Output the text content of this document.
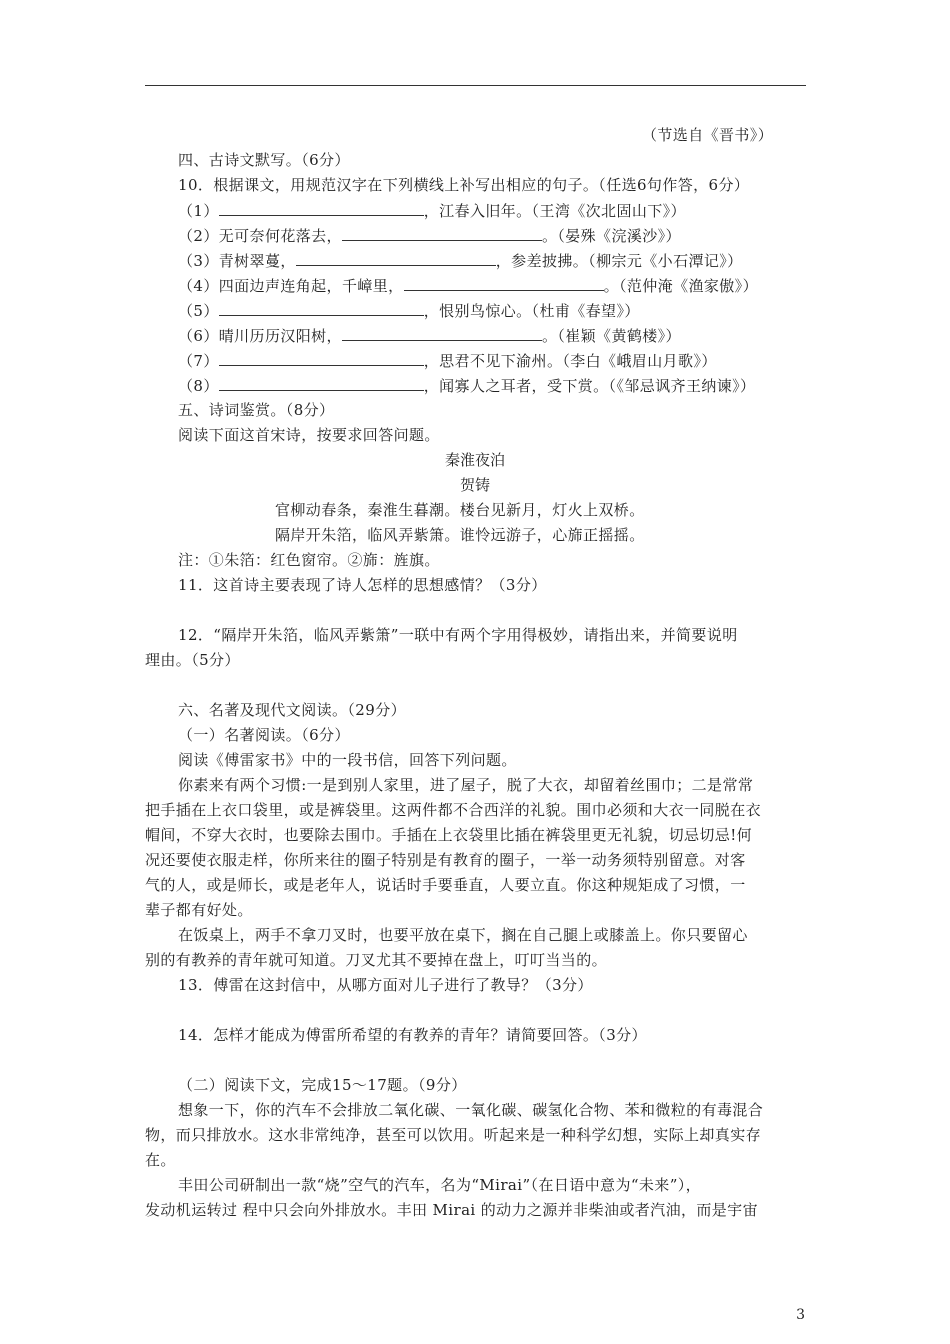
（节选自《晋书》）
四、古诗文默写。（6分）
10．根据课文，用规范汉字在下列横线上补写出相应的句子。（任选6句作答，6分）
（1）	，江春入旧年。（王湾《次北固山下》）
（2）无可奈何花落去，	。（晏殊《浣溪沙》）
（3）青树翠蔓，	，参差披拂。（柳宗元《小石潭记》）
（4）四面边声连角起，千嶂里，	。（范仲淹《渔家傲》）
（5）	，恨别鸟惊心。（杜甫《春望》）
（6）晴川历历汉阳树，	。（崔颖《黄鹤楼》）
（7）	，思君不见下渝州。（李白《峨眉山月歌》）
（8）	，闻寡人之耳者，受下赏。（《邹忌讽齐王纳谏》）
五、诗词鉴赏。（8分）
阅读下面这首宋诗，按要求回答问题。
秦淮夜泊
贺铸
官柳动春条，秦淮生暮潮。楼台见新月，灯火上双桥。
隔岸开朱箔，临风弄紫箫。谁怜远游子，心旆正摇摇。
注：①朱箔：红色窗帘。②旆：旌旗。
11．这首诗主要表现了诗人怎样的思想感情？（3分）
12．“隔岸开朱箔，临风弄紫箫”一联中有两个字用得极妙，请指出来，并简要说明
理由。（5分）
六、名著及现代文阅读。（29分）
（一）名著阅读。（6分）
阅读《傅雷家书》中的一段书信，回答下列问题。
你素来有两个习惯:一是到别人家里，进了屋子，脱了大衣，却留着丝围巾；二是常常
把手插在上衣口袋里，或是裤袋里。这两件都不合西洋的礼貌。围巾必须和大衣一同脱在衣
帽间，不穿大衣时，也要除去围巾。手插在上衣袋里比插在裤袋里更无礼貌，切忌切忌!何
况还要使衣服走样，你所来往的圈子特别是有教育的圈子，一举一动务须特别留意。对客
气的人，或是师长，或是老年人，说话时手要垂直，人要立直。你这种规矩成了习惯，一
辈子都有好处。
在饭桌上，两手不拿刀叉时，也要平放在桌下，搁在自己腿上或膝盖上。你只要留心
别的有教养的青年就可知道。刀叉尤其不要掉在盘上，叮叮当当的。
13．傅雷在这封信中，从哪方面对儿子进行了教导？（3分）
14．怎样才能成为傅雷所希望的有教养的青年？请简要回答。（3分）
（二）阅读下文，完成15～17题。（9分）
想象一下，你的汽车不会排放二氧化碳、一氧化碳、碳氢化合物、苯和微粒的有毒混合
物，而只排放水。这水非常纯净，甚至可以饮用。听起来是一种科学幻想，实际上却真实存
在。
丰田公司研制出一款“烧”空气的汽车，名为“Mirai”（在日语中意为“未来”），
发动机运转过 程中只会向外排放水。丰田 Mirai 的动力之源并非柴油或者汽油，而是宇宙
3
